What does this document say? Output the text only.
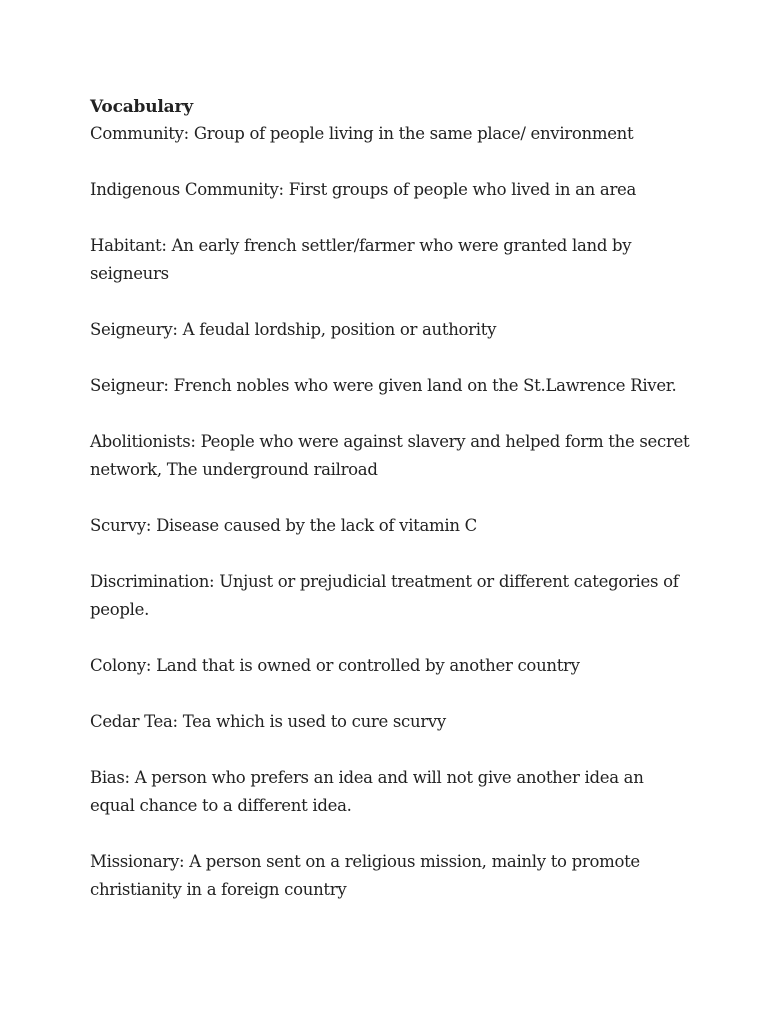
Vocabulary

Community: Group of people living in the same place/ environment

Indigenous Community: First groups of people who lived in an area

Habitant: An early french settler/farmer who were granted land by seigneurs

Seigneury: A feudal lordship, position or authority

Seigneur: French nobles who were given land on the St.Lawrence River.

Abolitionists: People who were against slavery and helped form the secret network, The underground railroad

Scurvy: Disease caused by the lack of vitamin C

Discrimination: Unjust or prejudicial treatment or different categories of people.

Colony: Land that is owned or controlled by another country

Cedar Tea: Tea which is used to cure scurvy

Bias: A person who prefers an idea and will not give another idea an equal chance to a different idea.

Missionary: A person sent on a religious mission, mainly to promote christianity in a foreign country
